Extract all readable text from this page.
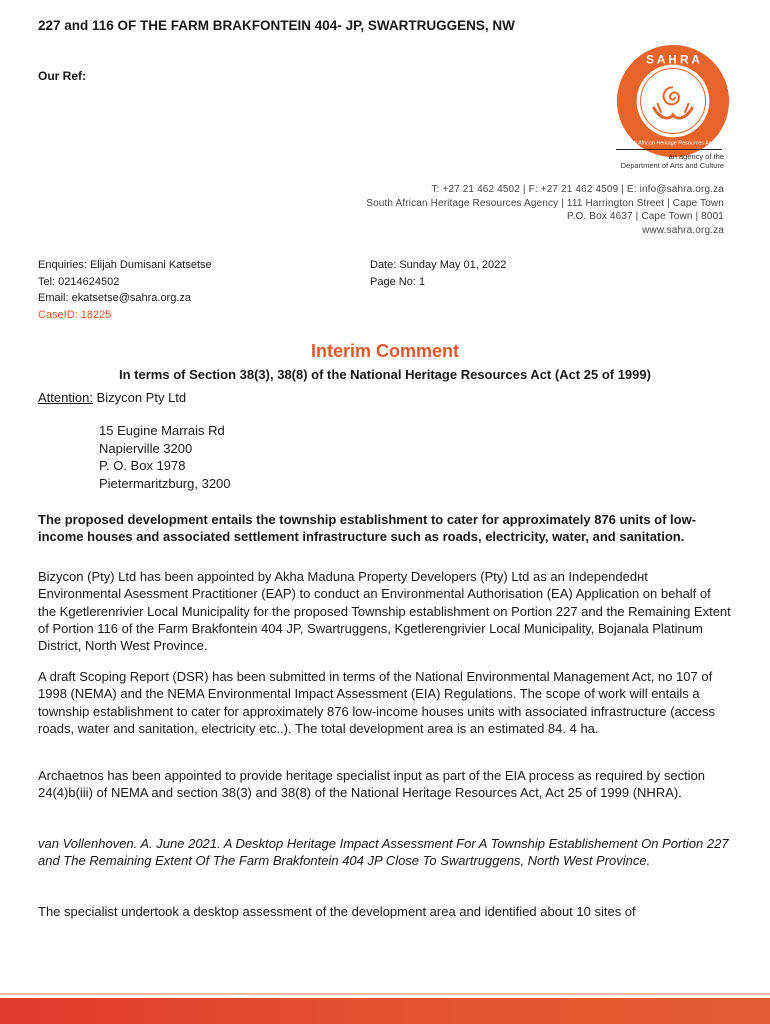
227 and 116 OF THE FARM BRAKFONTEIN 404- JP, SWARTRUGGENS, NW
Our Ref:
S A H R A
South African Heritage Resources Agency
an agency of the
Department of Arts and Culture
T: +27 21 462 4502 | F: +27 21 462 4509 | E: info@sahra.org.za
South African Heritage Resources Agency | 111 Harrington Street | Cape Town
P.O. Box 4637 | Cape Town | 8001
www.sahra.org.za
Enquiries: Elijah Dumisani Katsetse
Tel: 0214624502
Email: ekatsetse@sahra.org.za
CaseID: 18225
Date: Sunday May 01, 2022
Page No: 1
Interim Comment
In terms of Section 38(3), 38(8) of the National Heritage Resources Act (Act 25 of 1999)
Attention: Bizycon Pty Ltd
15 Eugine Marrais Rd
Napierville 3200
P. O. Box 1978
Pietermaritzburg, 3200

The proposed development entails the township establishment to cater for approximately 876 units of low-income houses and associated settlement infrastructure such as roads, electricity, water, and sanitation.

Bizycon (Pty) Ltd has been appointed by Akha Maduna Property Developers (Pty) Ltd as an Independedнt Environmental Asessment Practitioner (EAP) to conduct an Environmental Authorisation (EA) Application on behalf of the Kgetlerenrivier Local Municipality for the proposed Township establishment on Portion 227 and the Remaining Extent of Portion 116 of the Farm Brakfontein 404 JP, Swartruggens, Kgetlerengrivier Local Municipality, Bojanala Platinum District, North West Province.

A draft Scoping Report (DSR) has been submitted in terms of the National Environmental Management Act, no 107 of 1998 (NEMA) and the NEMA Environmental Impact Assessment (EIA) Regulations. The scope of work will entails a township establishment to cater for approximately 876 low-income houses units with associated infrastructure (access roads, water and sanitation, electricity etc..). The total development area is an estimated 84. 4 ha.

Archaetnos has been appointed to provide heritage specialist input as part of the EIA process as required by section 24(4)b(iii) of NEMA and section 38(3) and 38(8) of the National Heritage Resources Act, Act 25 of 1999 (NHRA).

van Vollenhoven. A. June 2021. A Desktop Heritage Impact Assessment For A Township Establishement On Portion 227 and The Remaining Extent Of The Farm Brakfontein 404 JP Close To Swartruggens, North West Province.

The specialist undertook a desktop assessment of the development area and identified about 10 sites of
